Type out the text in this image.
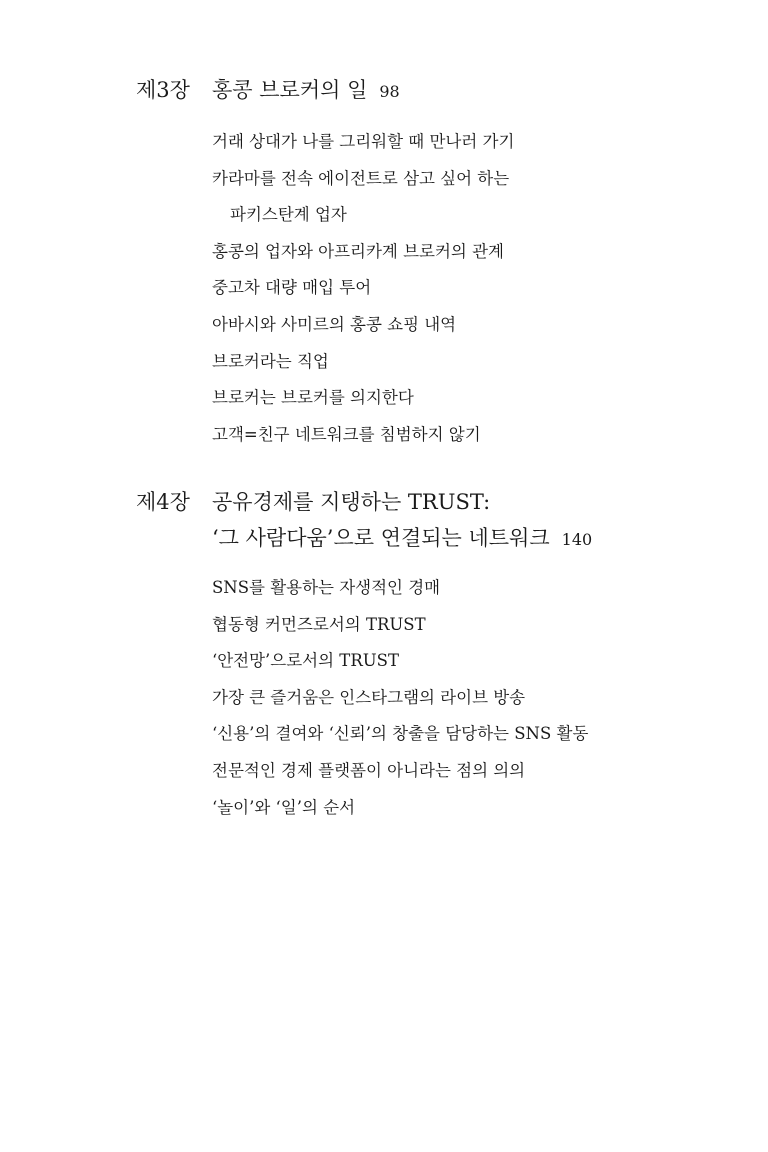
제3장 홍콩 브로커의 일 98
거래 상대가 나를 그리워할 때 만나러 가기
카라마를 전속 에이전트로 삼고 싶어 하는
파키스탄계 업자
홍콩의 업자와 아프리카계 브로커의 관계
중고차 대량 매입 투어
아바시와 사미르의 홍콩 쇼핑 내역
브로커라는 직업
브로커는 브로커를 의지한다
고객=친구 네트워크를 침범하지 않기
제4장 공유경제를 지탱하는 TRUST:
‘그 사람다움’으로 연결되는 네트워크 140
SNS를 활용하는 자생적인 경매
협동형 커먼즈로서의 TRUST
‘안전망’으로서의 TRUST
가장 큰 즐거움은 인스타그램의 라이브 방송
‘신용’의 결여와 ‘신뢰’의 창출을 담당하는 SNS 활동
전문적인 경제 플랫폼이 아니라는 점의 의의
‘놀이’와 ‘일’의 순서
